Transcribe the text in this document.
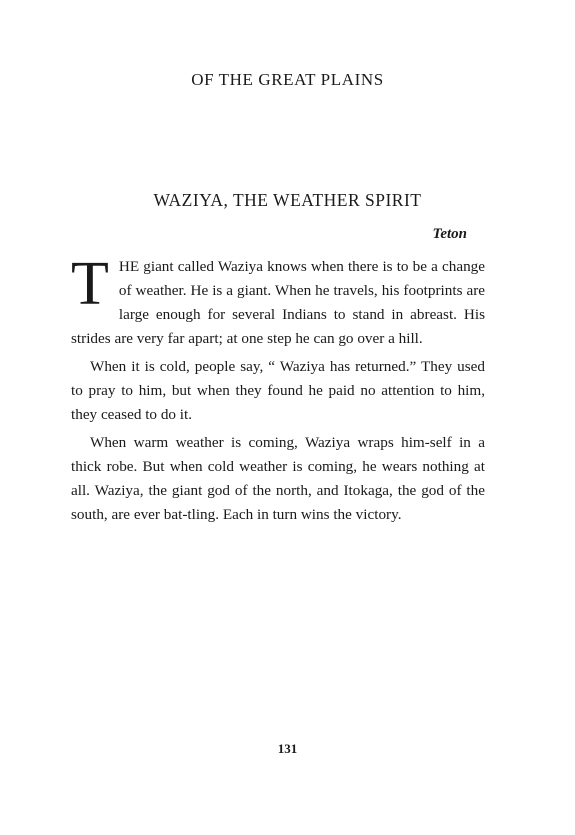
OF THE GREAT PLAINS
WAZIYA, THE WEATHER SPIRIT
Teton

THE giant called Waziya knows when there is to be a change of weather. He is a giant. When he travels, his footprints are large enough for several Indians to stand in abreast. His strides are very far apart; at one step he can go over a hill.

When it is cold, people say, “ Waziya has returned.” They used to pray to him, but when they found he paid no attention to him, they ceased to do it.

When warm weather is coming, Waziya wraps him-self in a thick robe. But when cold weather is coming, he wears nothing at all. Waziya, the giant god of the north, and Itokaga, the god of the south, are ever bat-tling. Each in turn wins the victory.

131
